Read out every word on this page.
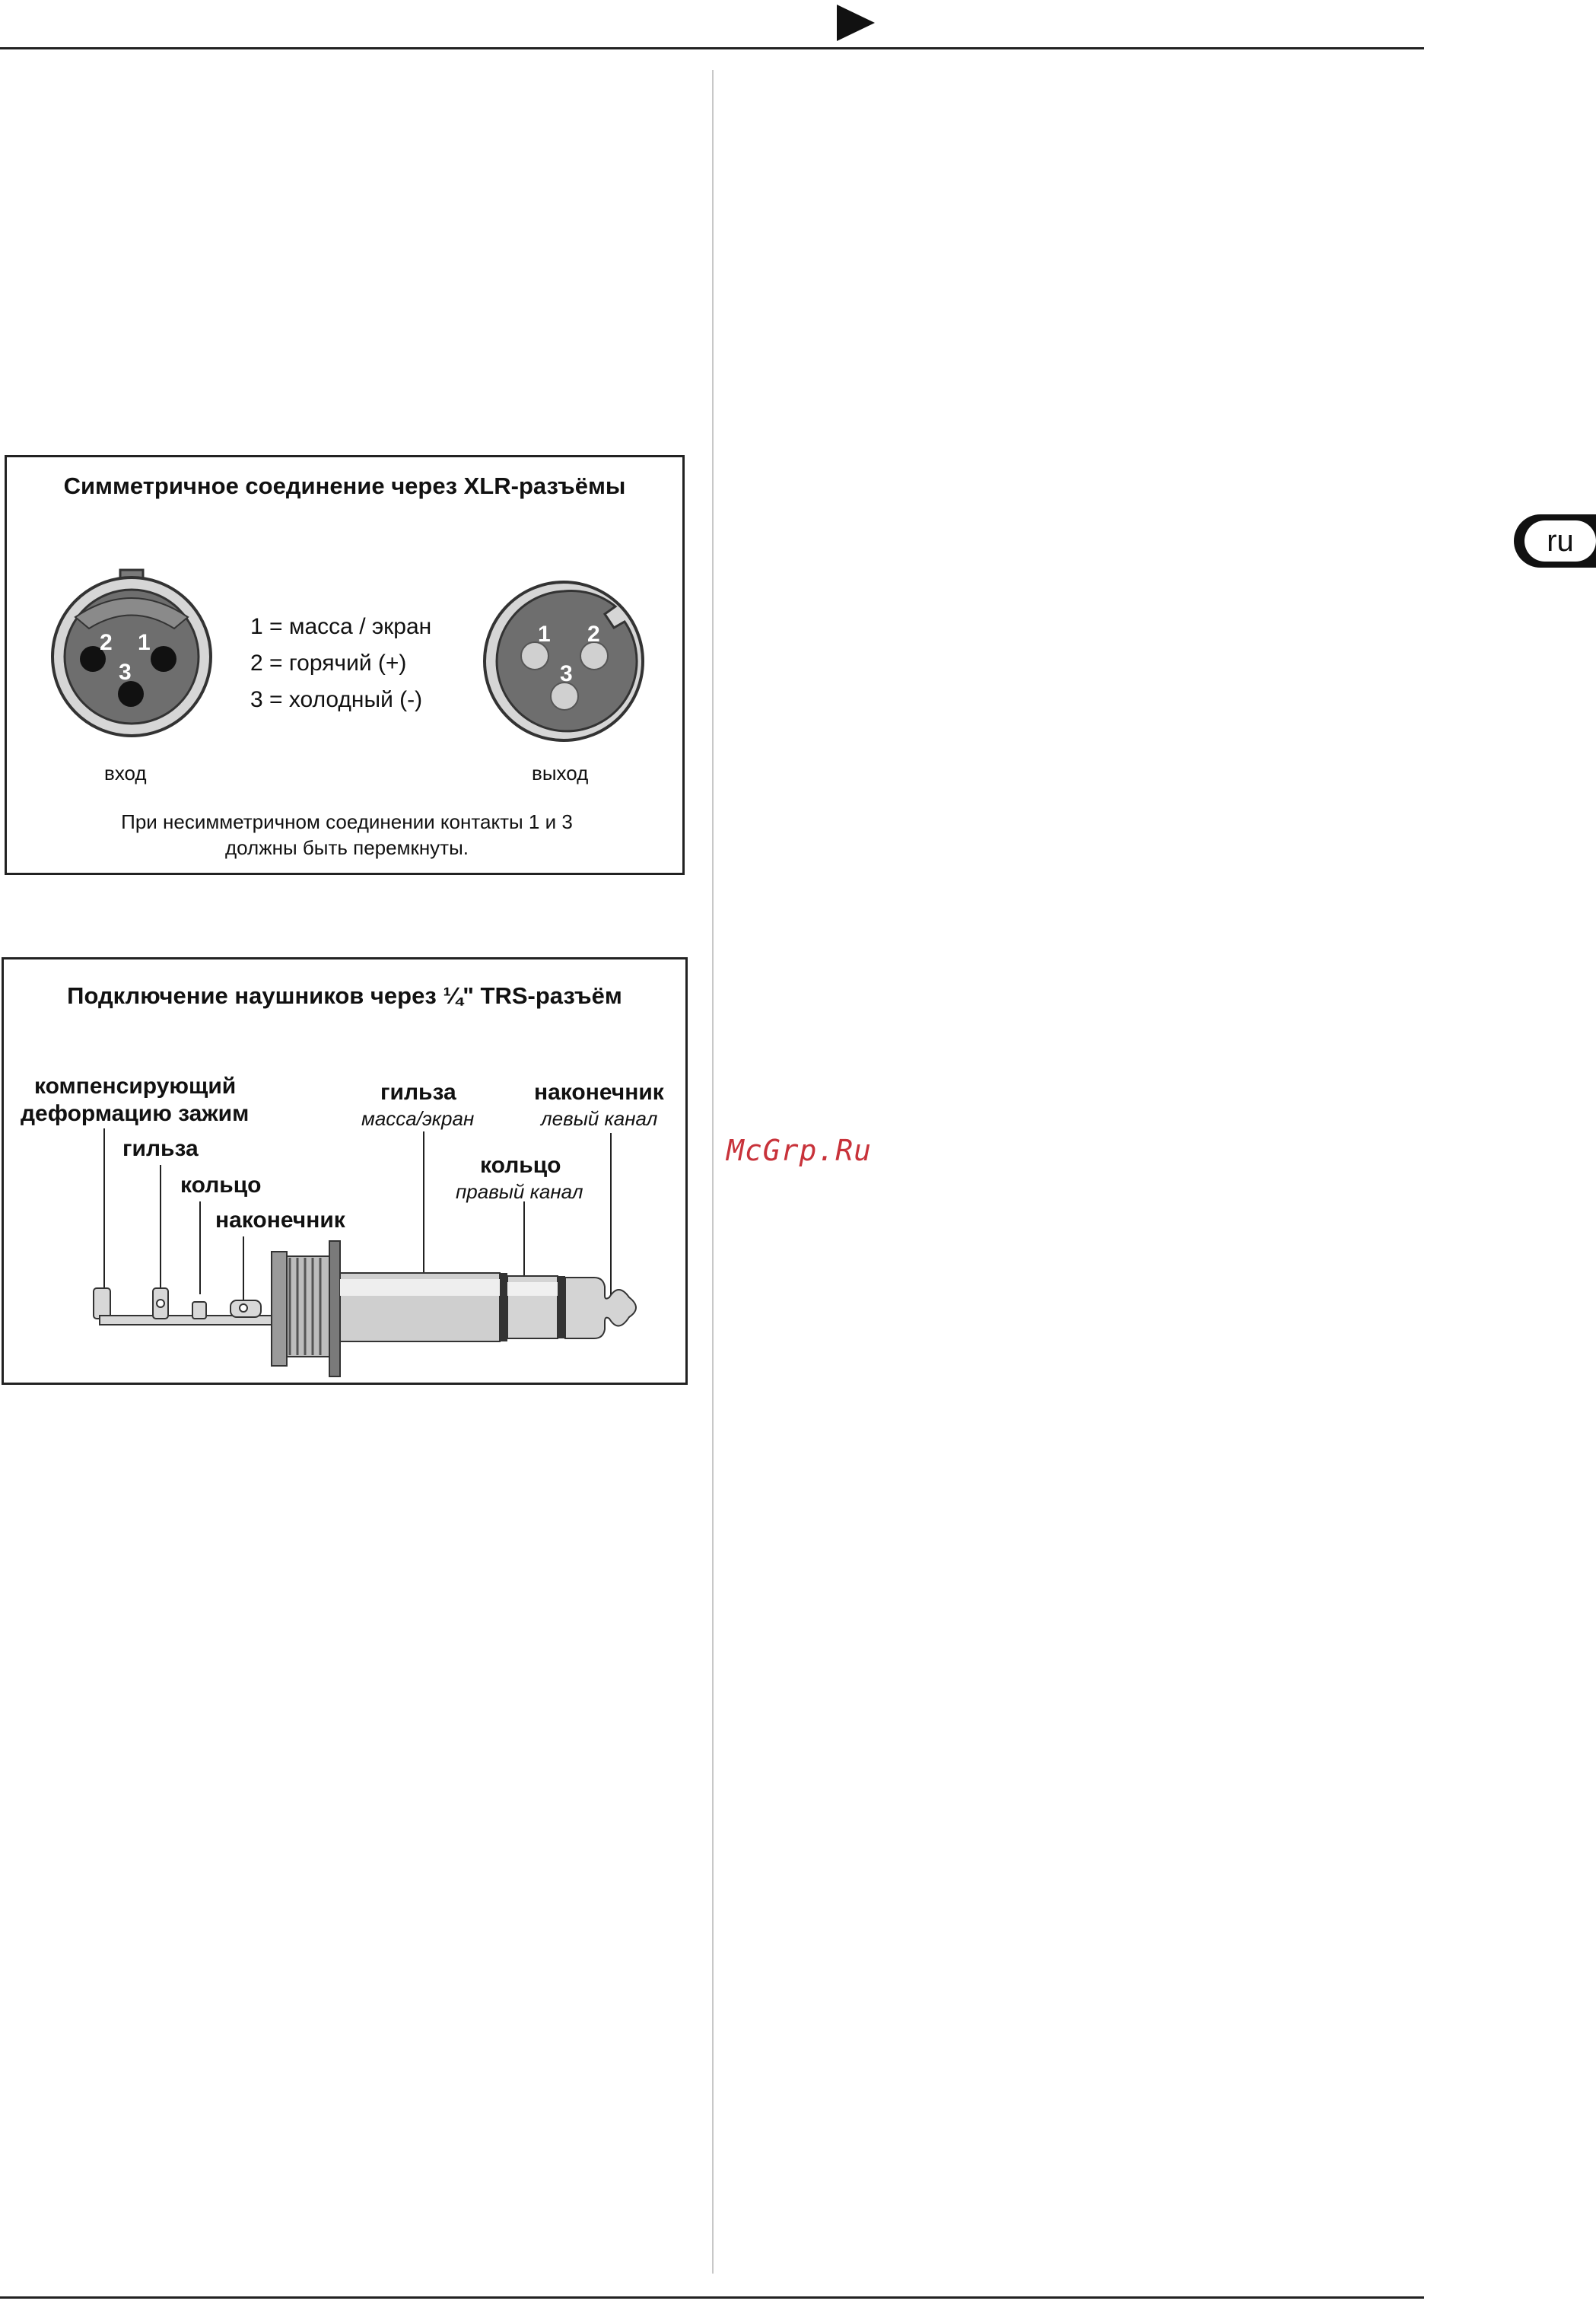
ru
McGrp.Ru
Симметричное соединение через XLR-разъёмы
2 1
3
1 = масса / экран
2 = горячий (+)
3 = холодный (-)
1 2
3
вход	выход
При несимметричном соединении контакты 1 и 3
должны быть перемкнуты.
Подключение наушников через ¼" TRS-разъём
компенсирующий
деформацию зажим
гильза
кольцо
наконечник
гильза
масса/экран
наконечник
левый канал
кольцо
правый канал
